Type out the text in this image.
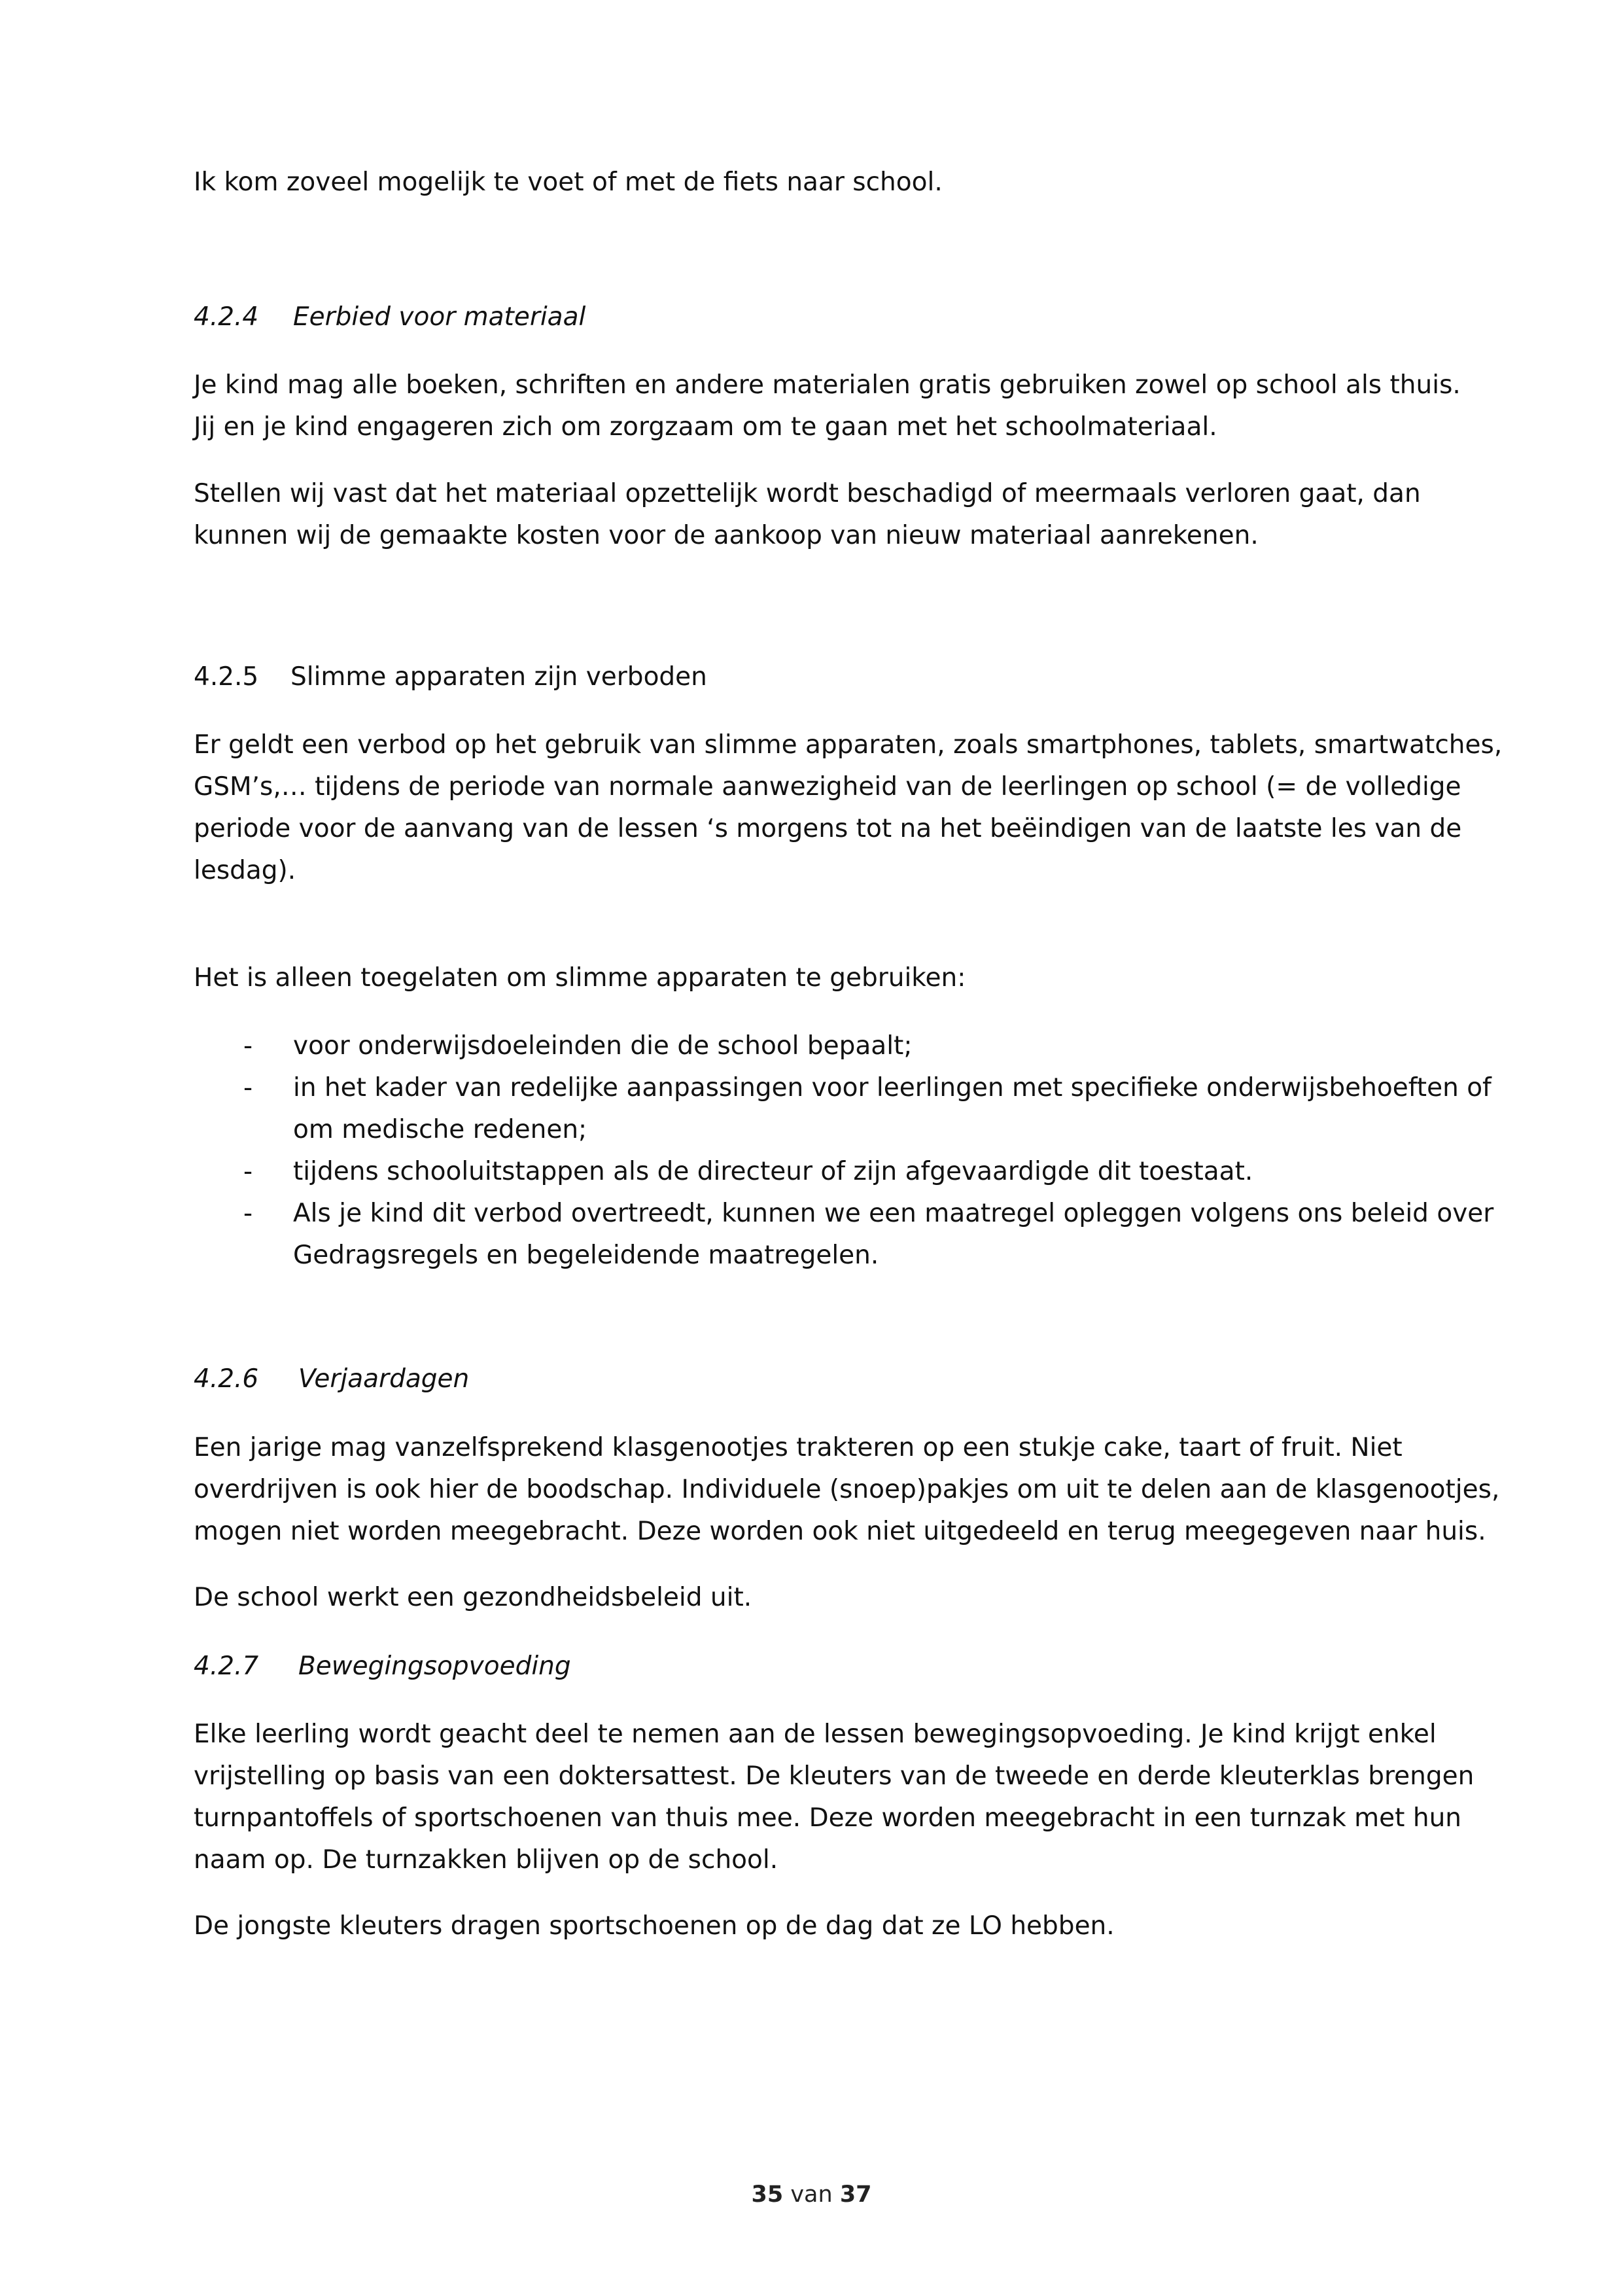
Ik kom zoveel mogelijk te voet of met de fiets naar school.

4.2.4 Eerbied voor materiaal

Je kind mag alle boeken, schriften en andere materialen gratis gebruiken zowel op school als thuis.
Jij en je kind engageren zich om zorgzaam om te gaan met het schoolmateriaal.

Stellen wij vast dat het materiaal opzettelijk wordt beschadigd of meermaals verloren gaat, dan
kunnen wij de gemaakte kosten voor de aankoop van nieuw materiaal aanrekenen.

4.2.5 Slimme apparaten zijn verboden

Er geldt een verbod op het gebruik van slimme apparaten, zoals smartphones, tablets, smartwatches,
GSM’s,… tijdens de periode van normale aanwezigheid van de leerlingen op school (= de volledige
periode voor de aanvang van de lessen ‘s morgens tot na het beëindigen van de laatste les van de
lesdag).

Het is alleen toegelaten om slimme apparaten te gebruiken:

- voor onderwijsdoeleinden die de school bepaalt;
- in het kader van redelijke aanpassingen voor leerlingen met specifieke onderwijsbehoeften of
om medische redenen;
- tijdens schooluitstappen als de directeur of zijn afgevaardigde dit toestaat.
- Als je kind dit verbod overtreedt, kunnen we een maatregel opleggen volgens ons beleid over
Gedragsregels en begeleidende maatregelen.
4.2.6 Verjaardagen

Een jarige mag vanzelfsprekend klasgenootjes trakteren op een stukje cake, taart of fruit. Niet
overdrijven is ook hier de boodschap. Individuele (snoep)pakjes om uit te delen aan de klasgenootjes,
mogen niet worden meegebracht. Deze worden ook niet uitgedeeld en terug meegegeven naar huis.

De school werkt een gezondheidsbeleid uit.

4.2.7 Bewegingsopvoeding

Elke leerling wordt geacht deel te nemen aan de lessen bewegingsopvoeding. Je kind krijgt enkel
vrijstelling op basis van een doktersattest. De kleuters van de tweede en derde kleuterklas brengen
turnpantoffels of sportschoenen van thuis mee. Deze worden meegebracht in een turnzak met hun
naam op. De turnzakken blijven op de school.

De jongste kleuters dragen sportschoenen op de dag dat ze LO hebben.

35 van 37
